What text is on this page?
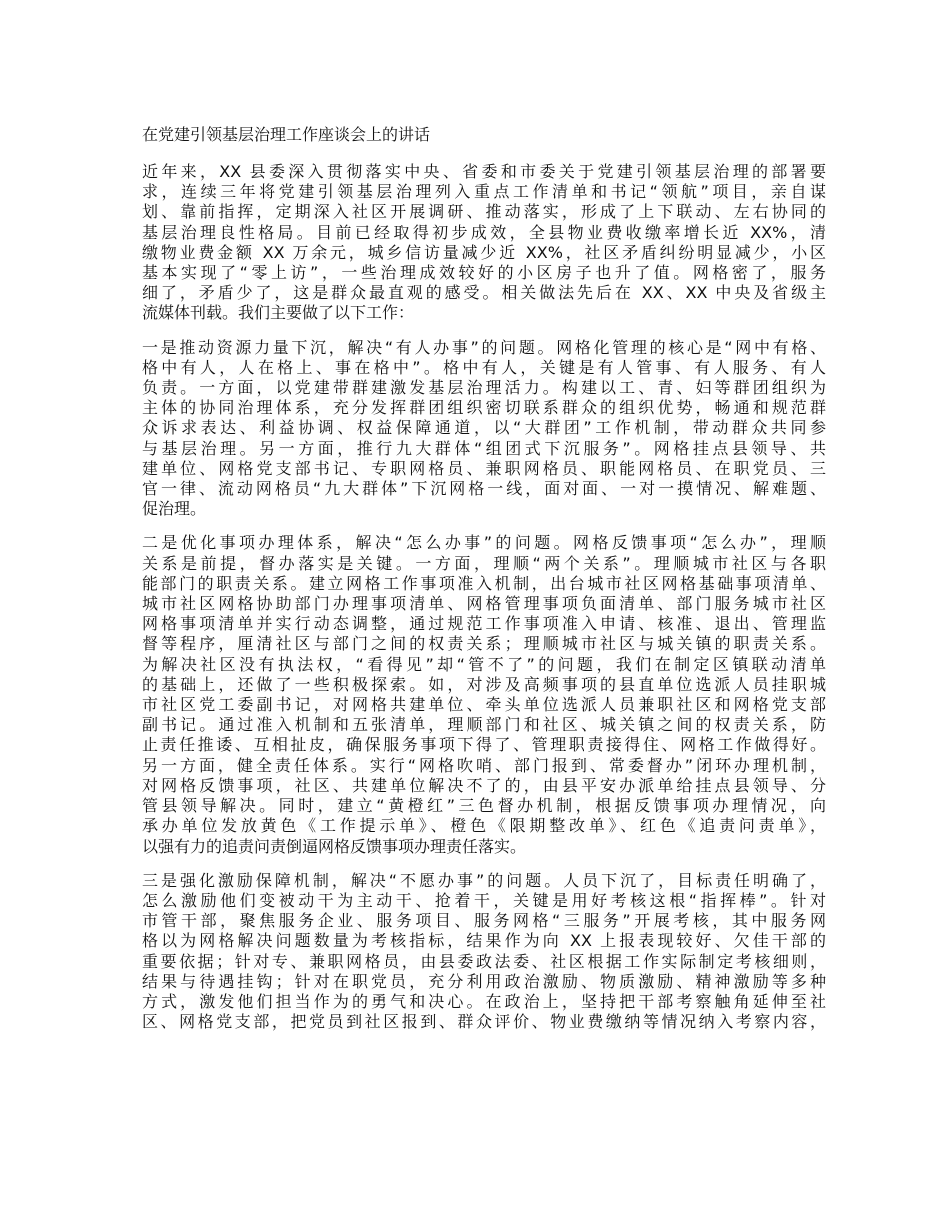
在党建引领基层治理工作座谈会上的讲话
近年来，XX 县委深入贯彻落实中央、省委和市委关于党建引领基层治理的部署要
求，连续三年将党建引领基层治理列入重点工作清单和书记“领航”项目，亲自谋
划、靠前指挥，定期深入社区开展调研、推动落实，形成了上下联动、左右协同的
基层治理良性格局。目前已经取得初步成效，全县物业费收缴率增长近 XX%，清
缴物业费金额 XX 万余元，城乡信访量减少近 XX%，社区矛盾纠纷明显减少，小区
基本实现了“零上访”，一些治理成效较好的小区房子也升了值。网格密了，服务
细了，矛盾少了，这是群众最直观的感受。相关做法先后在 XX、XX 中央及省级主
流媒体刊载。我们主要做了以下工作：
一是推动资源力量下沉，解决“有人办事”的问题。网格化管理的核心是“网中有格、
格中有人，人在格上、事在格中”。格中有人，关键是有人管事、有人服务、有人
负责。一方面，以党建带群建激发基层治理活力。构建以工、青、妇等群团组织为
主体的协同治理体系，充分发挥群团组织密切联系群众的组织优势，畅通和规范群
众诉求表达、利益协调、权益保障通道，以“大群团”工作机制，带动群众共同参
与基层治理。另一方面，推行九大群体“组团式下沉服务”。网格挂点县领导、共
建单位、网格党支部书记、专职网格员、兼职网格员、职能网格员、在职党员、三
官一律、流动网格员“九大群体”下沉网格一线，面对面、一对一摸情况、解难题、
促治理。
二是优化事项办理体系，解决“怎么办事”的问题。网格反馈事项“怎么办”，理顺
关系是前提，督办落实是关键。一方面，理顺“两个关系”。理顺城市社区与各职
能部门的职责关系。建立网格工作事项准入机制，出台城市社区网格基础事项清单、
城市社区网格协助部门办理事项清单、网格管理事项负面清单、部门服务城市社区
网格事项清单并实行动态调整，通过规范工作事项准入申请、核准、退出、管理监
督等程序，厘清社区与部门之间的权责关系；理顺城市社区与城关镇的职责关系。
为解决社区没有执法权，“看得见”却“管不了”的问题，我们在制定区镇联动清单
的基础上，还做了一些积极探索。如，对涉及高频事项的县直单位选派人员挂职城
市社区党工委副书记，对网格共建单位、牵头单位选派人员兼职社区和网格党支部
副书记。通过准入机制和五张清单，理顺部门和社区、城关镇之间的权责关系，防
止责任推诿、互相扯皮，确保服务事项下得了、管理职责接得住、网格工作做得好。
另一方面，健全责任体系。实行“网格吹哨、部门报到、常委督办”闭环办理机制，
对网格反馈事项，社区、共建单位解决不了的，由县平安办派单给挂点县领导、分
管县领导解决。同时，建立“黄橙红”三色督办机制，根据反馈事项办理情况，向
承办单位发放黄色《工作提示单》、橙色《限期整改单》、红色《追责问责单》，
以强有力的追责问责倒逼网格反馈事项办理责任落实。
三是强化激励保障机制，解决“不愿办事”的问题。人员下沉了，目标责任明确了，
怎么激励他们变被动干为主动干、抢着干，关键是用好考核这根“指挥棒”。针对
市管干部，聚焦服务企业、服务项目、服务网格“三服务”开展考核，其中服务网
格以为网格解决问题数量为考核指标，结果作为向 XX 上报表现较好、欠佳干部的
重要依据；针对专、兼职网格员，由县委政法委、社区根据工作实际制定考核细则，
结果与待遇挂钩；针对在职党员，充分利用政治激励、物质激励、精神激励等多种
方式，激发他们担当作为的勇气和决心。在政治上，坚持把干部考察触角延伸至社
区、网格党支部，把党员到社区报到、群众评价、物业费缴纳等情况纳入考察内容，
